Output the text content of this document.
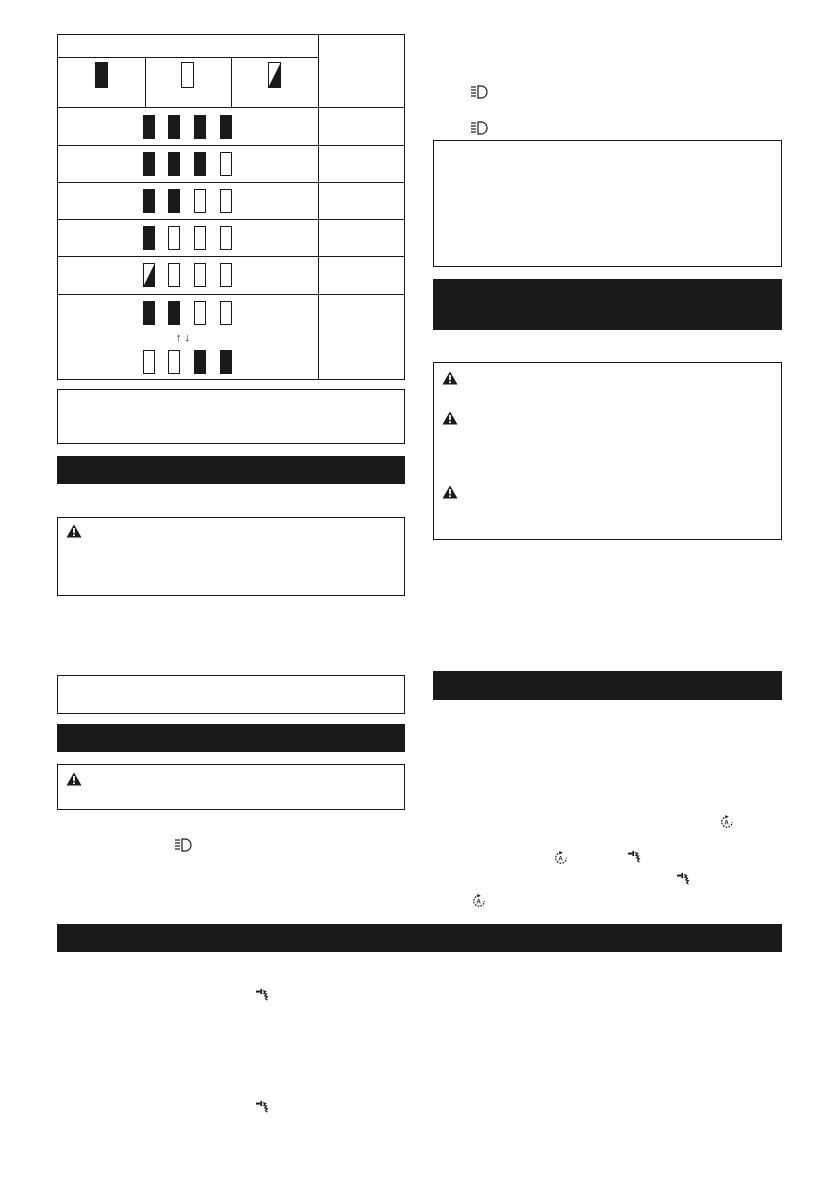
↑ ↓
A
A
A
